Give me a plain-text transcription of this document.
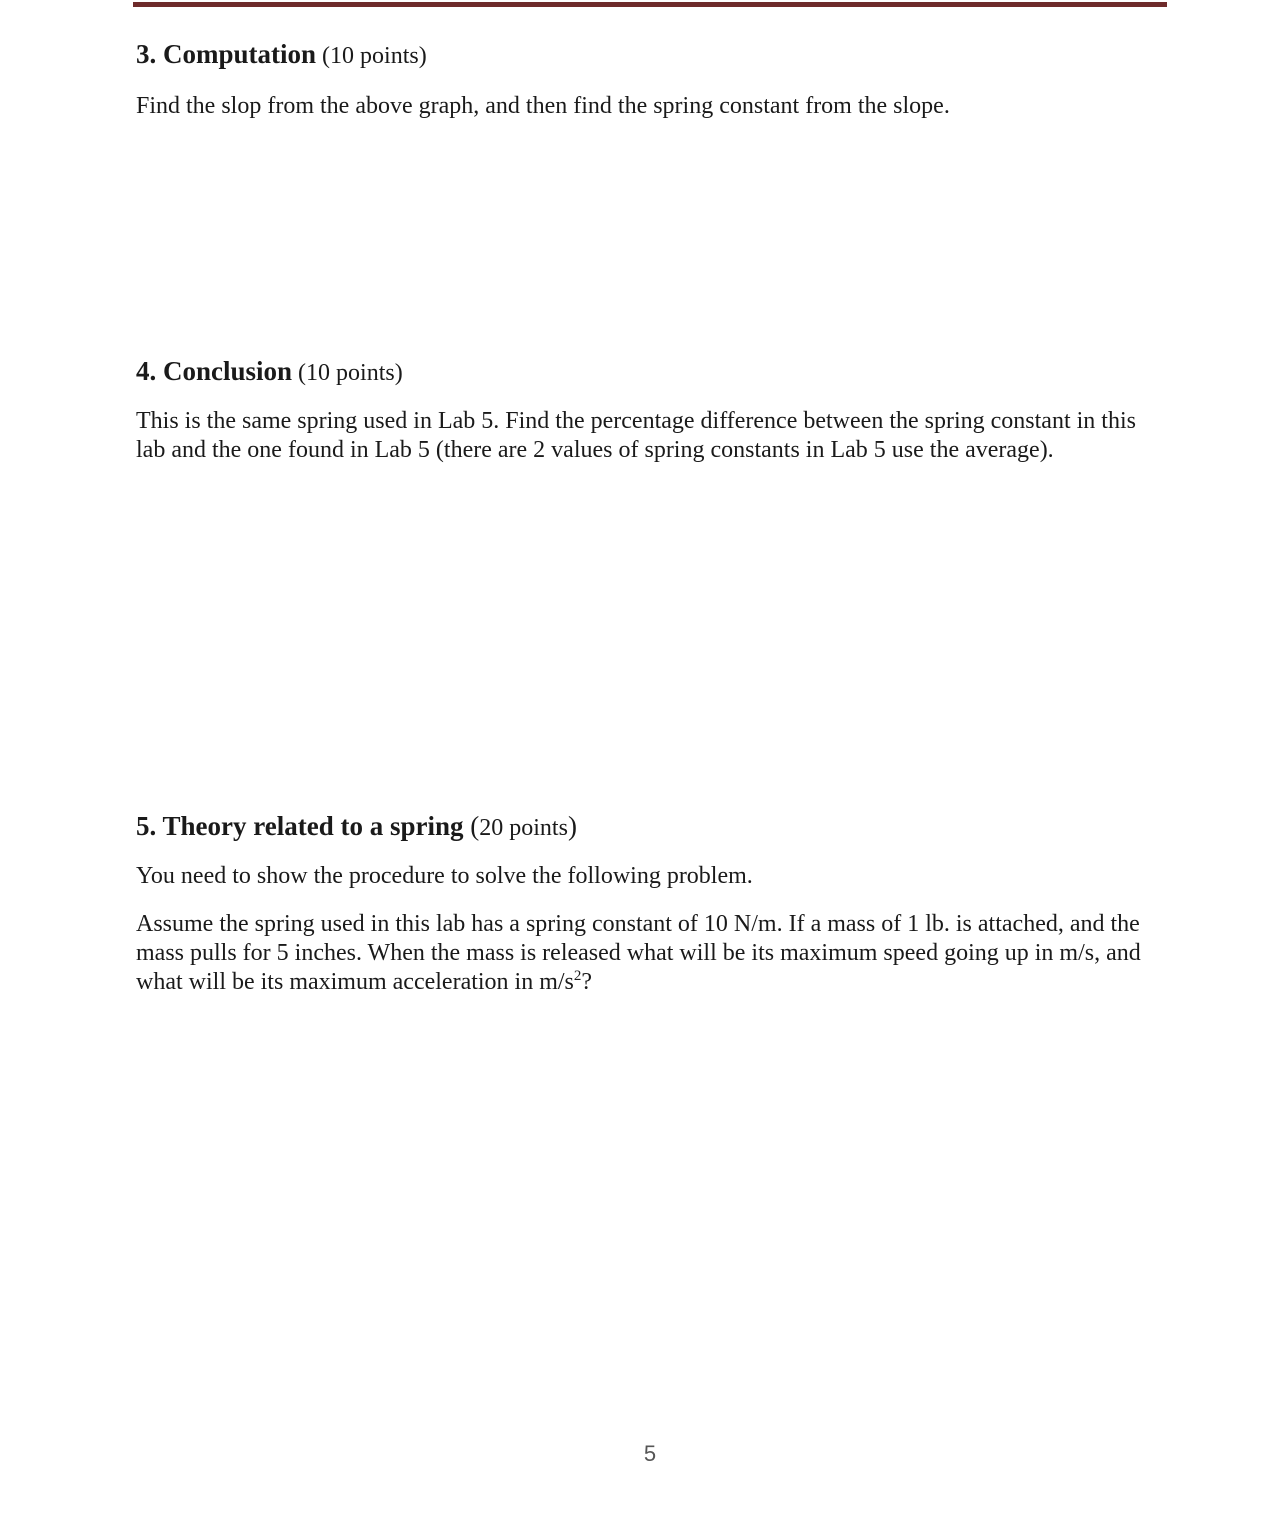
3. Computation (10 points)

Find the slop from the above graph, and then find the spring constant from the slope.

4. Conclusion (10 points)

This is the same spring used in Lab 5. Find the percentage difference between the spring constant in this lab and the one found in Lab 5 (there are 2 values of spring constants in Lab 5 use the average).

5. Theory related to a spring (20 points)

You need to show the procedure to solve the following problem.

Assume the spring used in this lab has a spring constant of 10 N/m. If a mass of 1 lb. is attached, and the mass pulls for 5 inches. When the mass is released what will be its maximum speed going up in m/s, and what will be its maximum acceleration in $m/s^2$?

5
